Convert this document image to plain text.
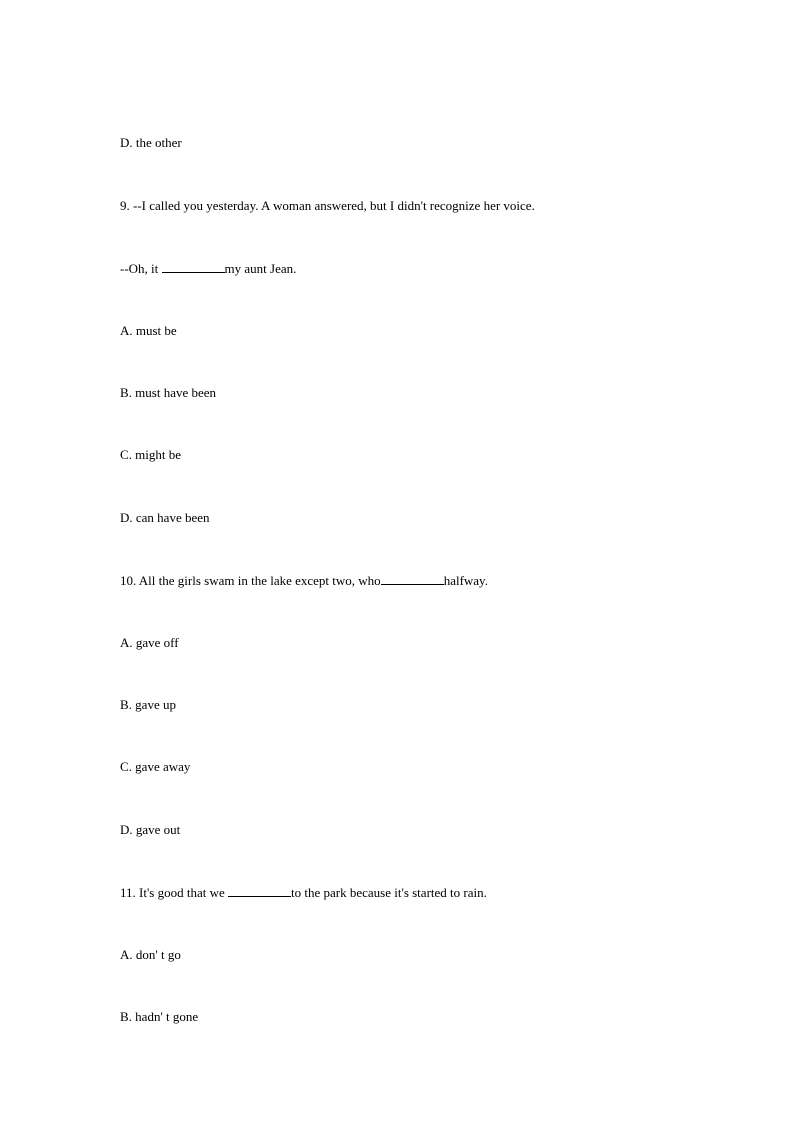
D. the other
9. --I called you yesterday. A woman answered, but I didn't recognize her voice.
--Oh, it	my aunt Jean.
A. must be
B. must have been
C. might be
D. can have been
10. All the girls swam in the lake except two, who	halfway.
A. gave off
B. gave up
C. gave away
D. gave out
11. It's good that we	to the park because it's started to rain.
A. don' t go
B. hadn' t gone
